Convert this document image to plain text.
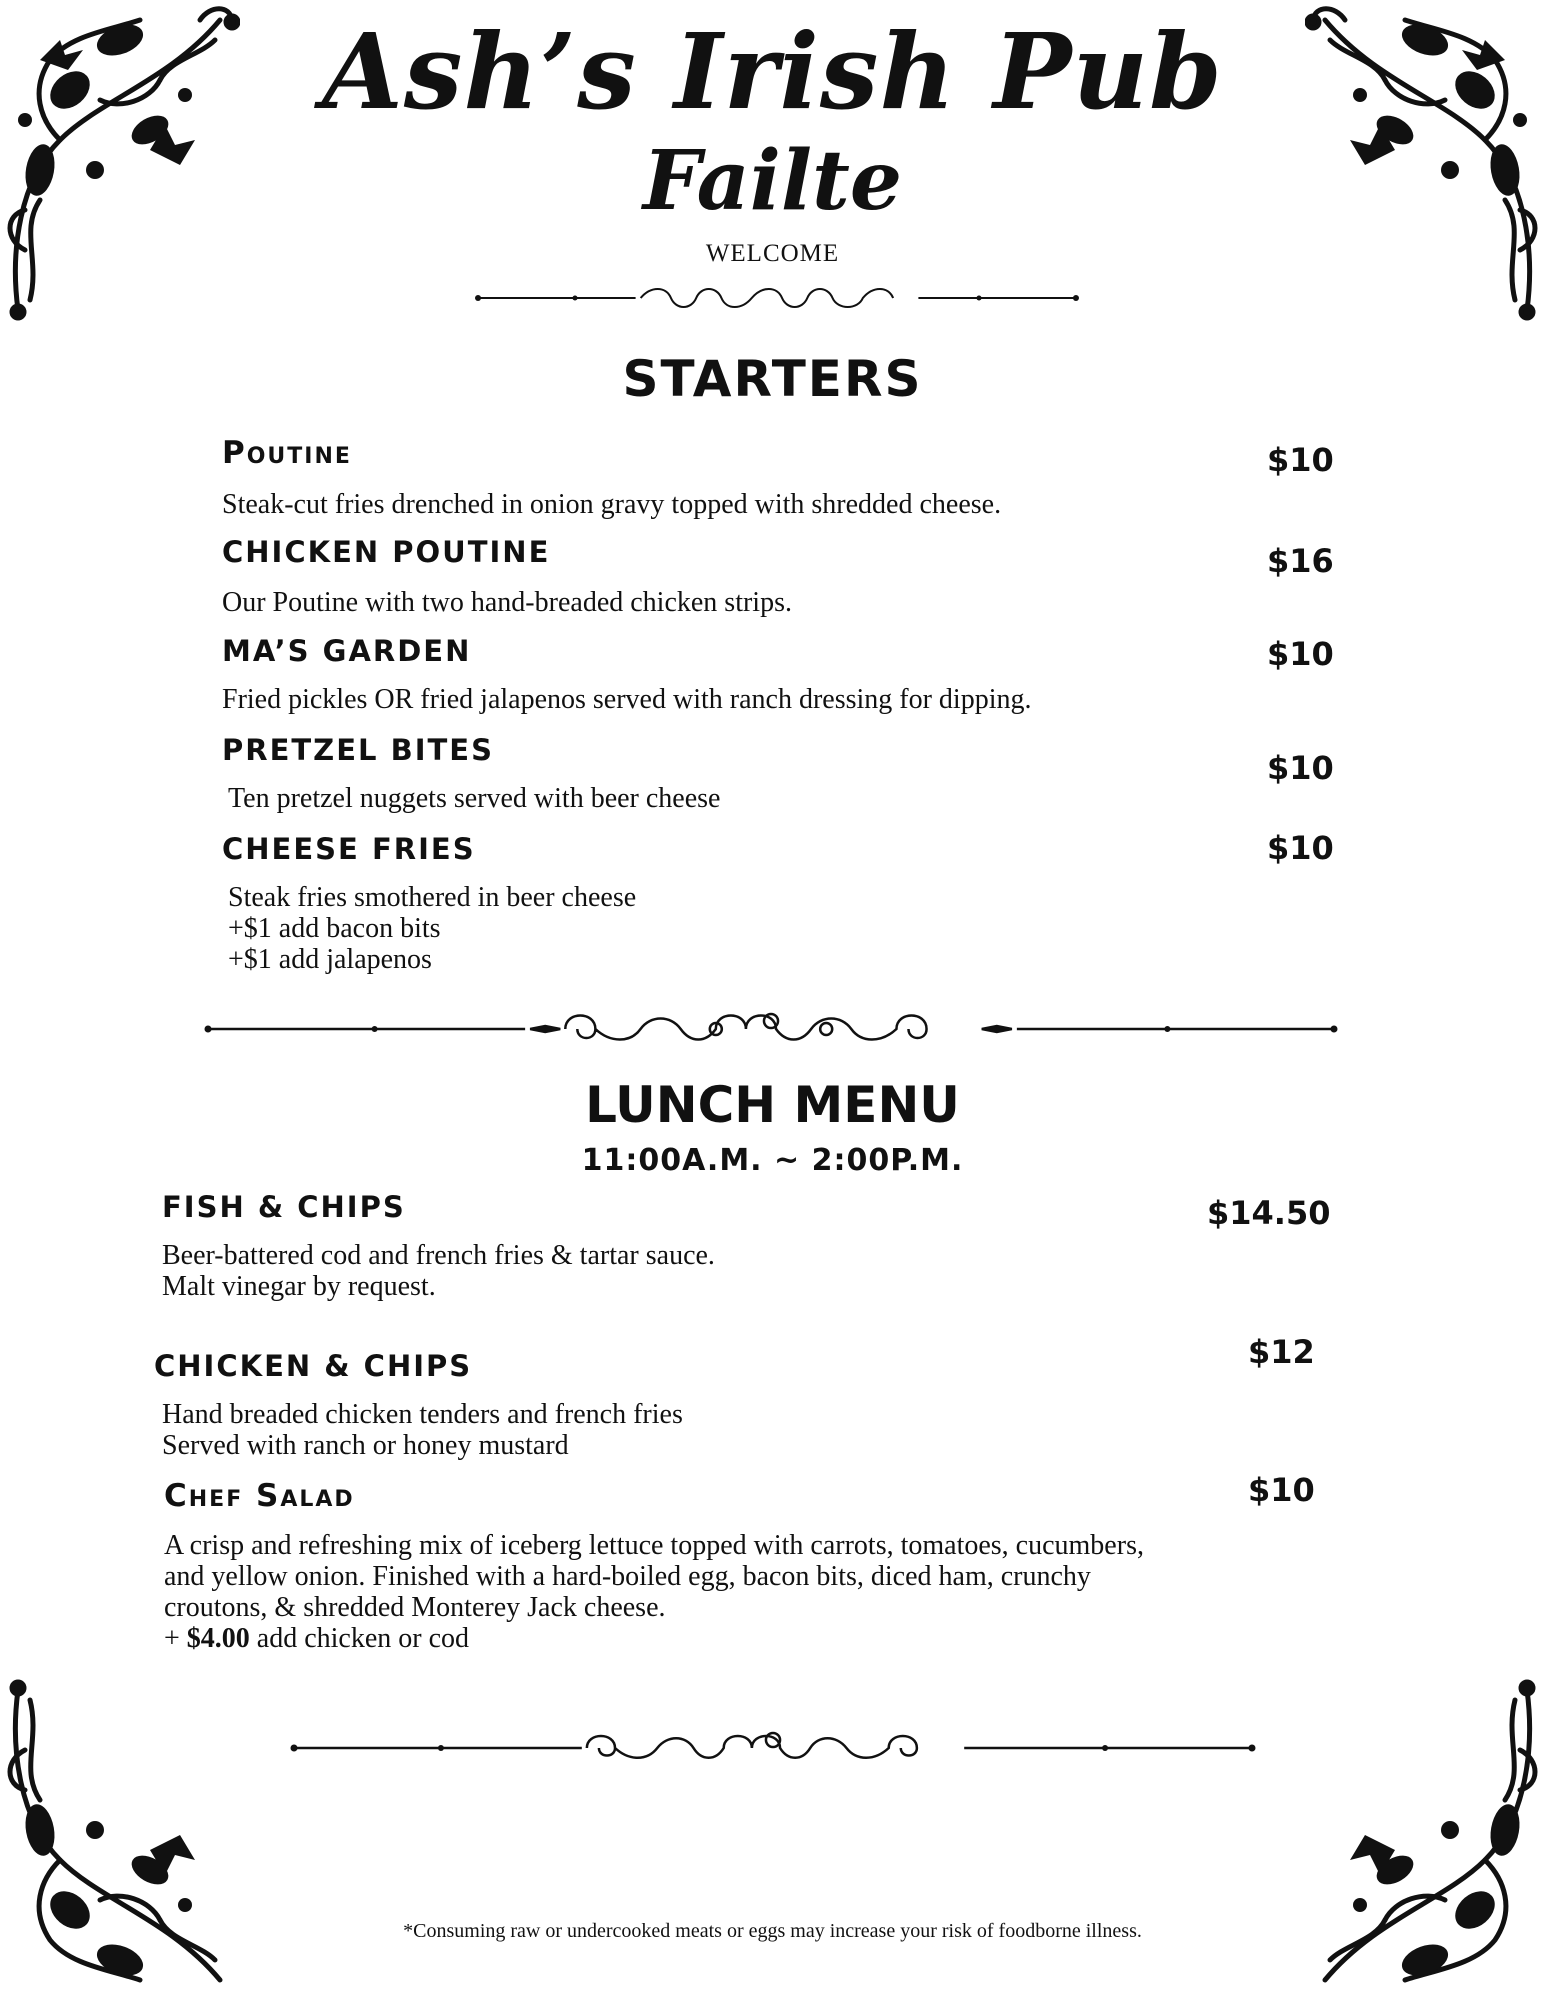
Ash’s Irish Pub
Failte
WELCOME
STARTERS
Poutine	$10
Steak-cut fries drenched in onion gravy topped with shredded cheese.
CHICKEN POUTINE	$16
Our Poutine with two hand-breaded chicken strips.
MA’S GARDEN	$10
Fried pickles OR fried jalapenos served with ranch dressing for dipping.
PRETZEL BITES	$10
Ten pretzel nuggets served with beer cheese
CHEESE FRIES	$10
Steak fries smothered in beer cheese
+$1 add bacon bits
+$1 add jalapenos
LUNCH MENU
11:00A.M. ~ 2:00P.M.
FISH & CHIPS	$14.50
Beer-battered cod and french fries & tartar sauce.
Malt vinegar by request.
CHICKEN & CHIPS	$12
Hand breaded chicken tenders and french fries
Served with ranch or honey mustard
Chef Salad	$10
A crisp and refreshing mix of iceberg lettuce topped with carrots, tomatoes, cucumbers,
and yellow onion. Finished with a hard-boiled egg, bacon bits, diced ham, crunchy
croutons, & shredded Monterey Jack cheese.
+ $4.00 add chicken or cod
*Consuming raw or undercooked meats or eggs may increase your risk of foodborne illness.
